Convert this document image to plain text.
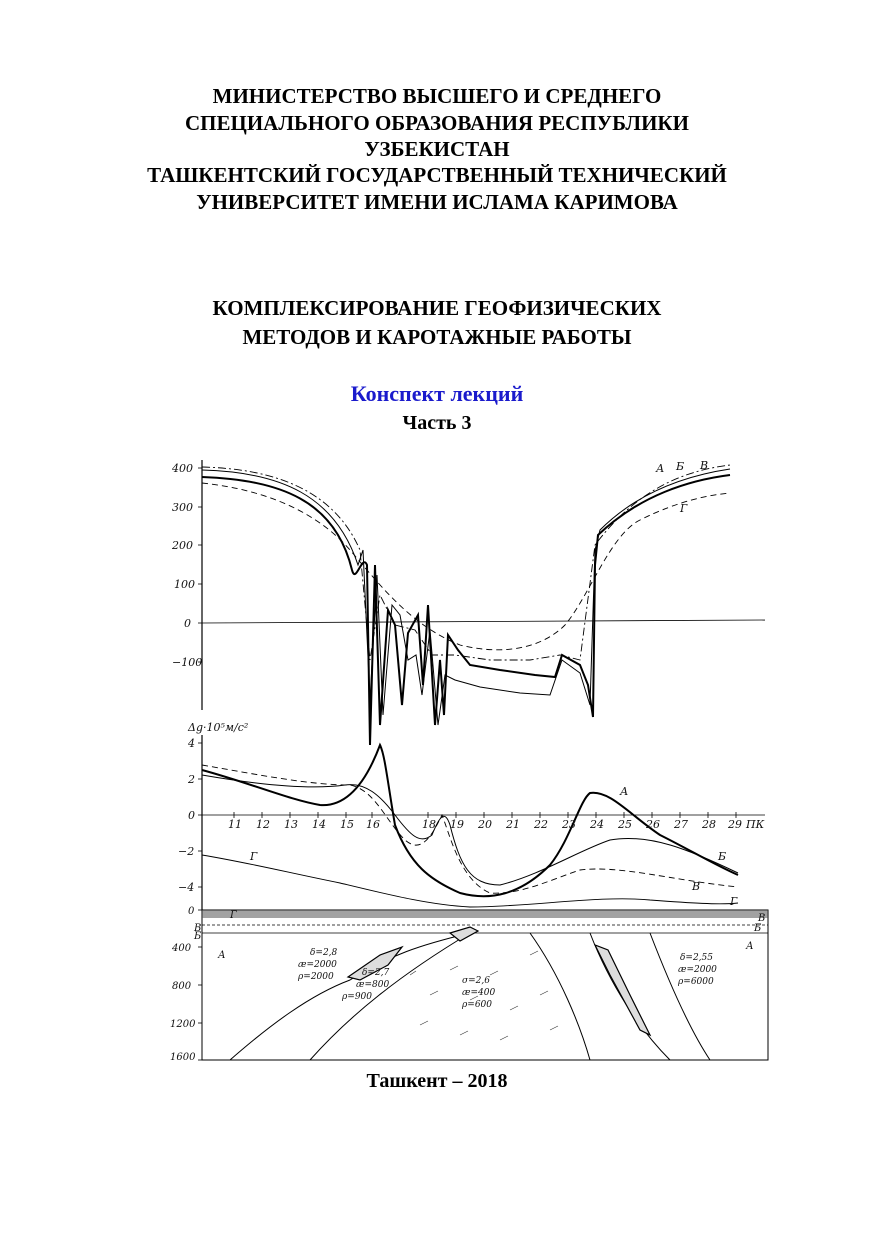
МИНИСТЕРСТВО ВЫСШЕГО И СРЕДНЕГО
СПЕЦИАЛЬНОГО ОБРАЗОВАНИЯ РЕСПУБЛИКИ
УЗБЕКИСТАН
ТАШКЕНТСКИЙ ГОСУДАРСТВЕННЫЙ ТЕХНИЧЕСКИЙ
УНИВЕРСИТЕТ ИМЕНИ ИСЛАМА КАРИМОВА
КОМПЛЕКСИРОВАНИЕ ГЕОФИЗИЧЕСКИХ
МЕТОДОВ И КАРОТАЖНЫЕ РАБОТЫ
Конспект лекций
Часть 3
400
300
200
100
0
−100
А Б В
Г
Δg·10⁵м/с²
4
2
0
−2
−4
11 12 13 14 15 16	18 19 20 21 22 23 24 25 26 27 28 29 ПК
А
Б
В
Г
Г
0
400
800
1200
1600
δ=2,8
æ=2000
ρ=2000	δ=2,7
æ=800
ρ=900
σ=2,6
æ=400
ρ=600
δ=2,55
æ=2000
ρ=6000
А
Б
В
Г
А
Б
В
Ташкент – 2018
